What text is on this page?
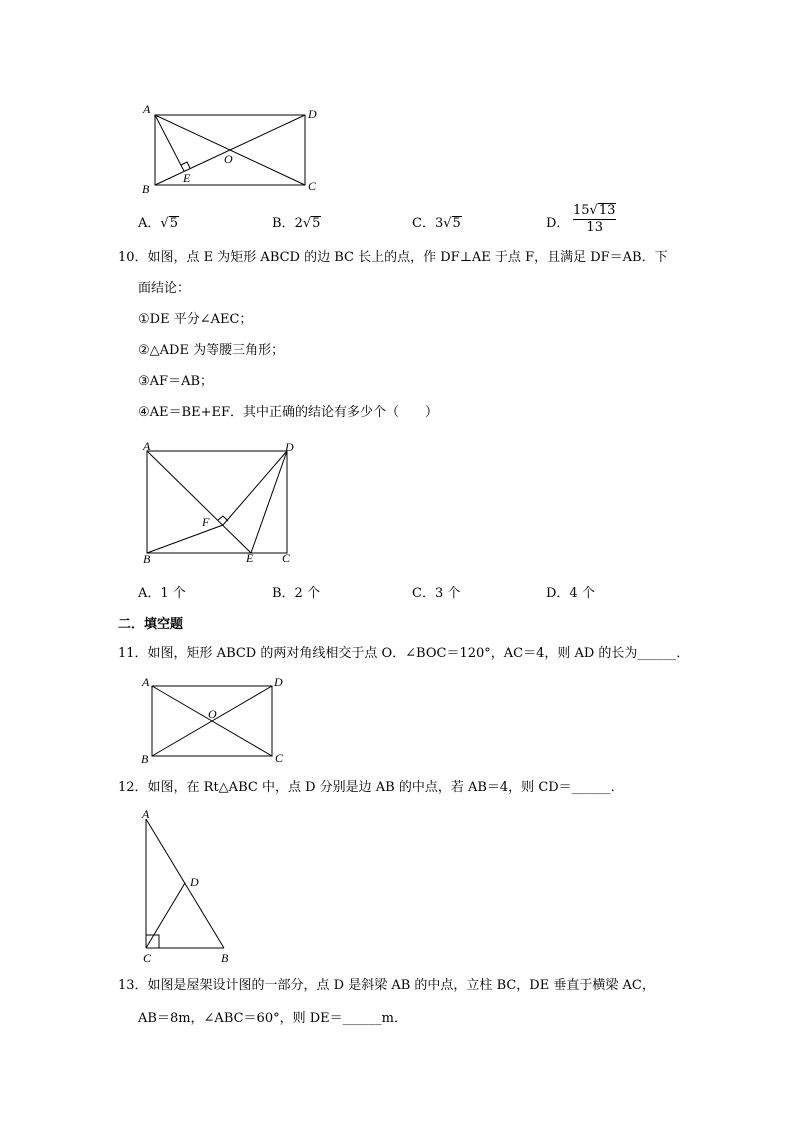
A	D
B	C
O
E
A．√5	B．2√5	C．3√5	D． $\frac{15√13}{13}$
10．如图，点 E 为矩形 ABCD 的边 BC 长上的点，作 DF⊥AE 于点 F，且满足 DF＝AB．下
面结论：
①DE 平分∠AEC；
②△ADE 为等腰三角形；
③AF＝AB；
④AE＝BE+EF．其中正确的结论有多少个（　　）
A	D
B	C
E
F
A．1 个	B．2 个	C．3 个	D．4 个
二．填空题
11．如图，矩形 ABCD 的两对角线相交于点 O．∠BOC＝120°，AC＝4，则 AD 的长为______．
A	D
B	C
O
12．如图，在 Rt△ABC 中，点 D 分别是边 AB 的中点，若 AB＝4，则 CD＝______．
A
D
C	B
13．如图是屋架设计图的一部分，点 D 是斜梁 AB 的中点，立柱 BC，DE 垂直于横梁 AC，
AB＝8m，∠ABC＝60°，则 DE＝______m．
